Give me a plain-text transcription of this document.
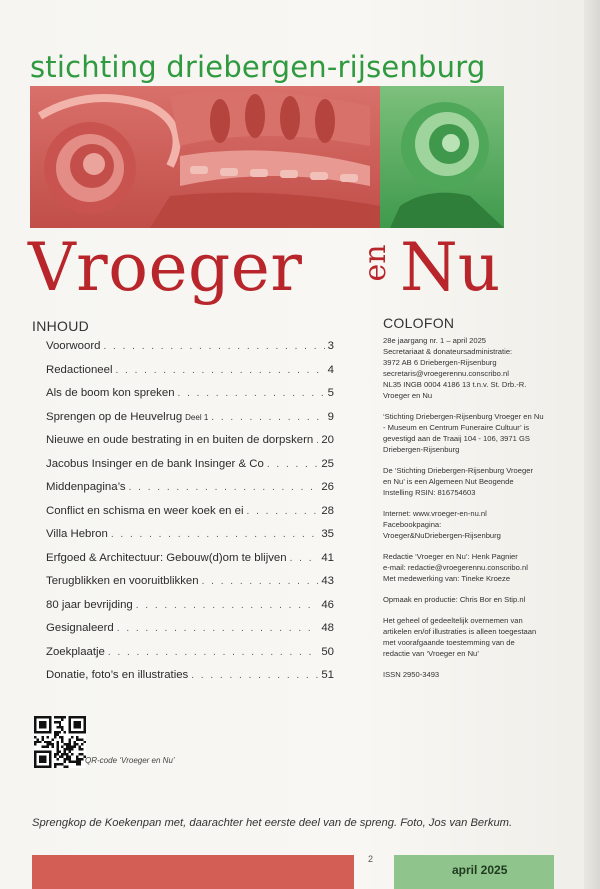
stichting driebergen-rijsenburg
Vroeger en Nu
INHOUD
Voorwoord . . .	3
Redactioneel . . .	4
Als de boom kon spreken . . .	5
Sprengen op de Heuvelrug Deel 1 . . .	9
Nieuwe en oude bestrating in en buiten de dorpskern . . . 20
Jacobus Insinger en de bank Insinger & Co . . .	25
Middenpagina’s . . .	26
Conflict en schisma en weer koek en ei . . .	28
Villa Hebron . . .	35
Erfgoed & Architectuur: Gebouw(d)om te blijven . . .	41
Terugblikken en vooruitblikken . . .	43
80 jaar bevrijding . . .	46
Gesignaleerd . . .	48
Zoekplaatje . . .	50
Donatie, foto’s en illustraties . . .	51
COLOFON

28e jaargang nr. 1 – april 2025
Secretariaat & donateursadministratie:
3972 AB 6 Driebergen-Rijsenburg
secretaris@vroegerennu.conscribo.nl
NL35 INGB 0004 4186 13 t.n.v. St. Drb.-R.
Vroeger en Nu

‘Stichting Driebergen-Rijsenburg Vroeger en Nu
- Museum en Centrum Funeraire Cultuur’ is
gevestigd aan de Traaij 104 - 106, 3971 GS
Driebergen-Rijsenburg

De ‘Stichting Driebergen-Rijsenburg Vroeger
en Nu’ is een Algemeen Nut Beogende
Instelling RSIN: 816754603

Internet: www.vroeger-en-nu.nl
Facebookpagina:
Vroeger&NuDriebergen-Rijsenburg

Redactie ‘Vroeger en Nu’: Henk Pagnier
e-mail: redactie@vroegerennu.conscribo.nl
Met medewerking van: Tineke Kroeze

Opmaak en productie: Chris Bor en Stip.nl

Het geheel of gedeeltelijk overnemen van
artikelen en/of illustraties is alleen toegestaan
met voorafgaande toestemming van de
redactie van ‘Vroeger en Nu’

ISSN 2950-3493

QR-code ‘Vroeger en Nu’
Sprengkop de Koekenpan met, daarachter het eerste deel van de spreng. Foto, Jos van Berkum.
2
april 2025
